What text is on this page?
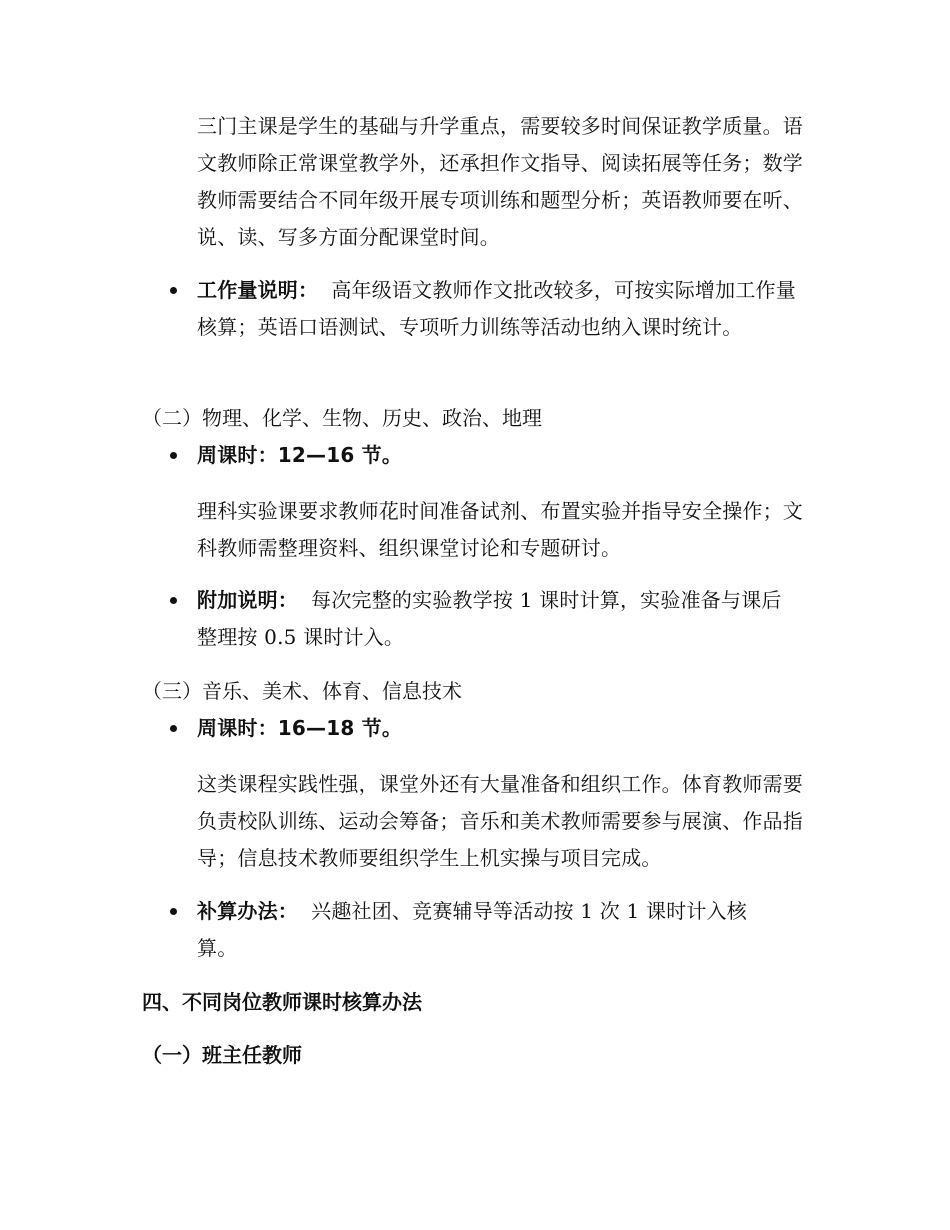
三门主课是学生的基础与升学重点，需要较多时间保证教学质量。语文教师除正常课堂教学外，还承担作文指导、阅读拓展等任务；数学教师需要结合不同年级开展专项训练和题型分析；英语教师要在听、说、读、写多方面分配课堂时间。

工作量说明： 高年级语文教师作文批改较多，可按实际增加工作量核算；英语口语测试、专项听力训练等活动也纳入课时统计。

（二）物理、化学、生物、历史、政治、地理

周课时：12—16 节。

理科实验课要求教师花时间准备试剂、布置实验并指导安全操作；文科教师需整理资料、组织课堂讨论和专题研讨。

附加说明： 每次完整的实验教学按 1 课时计算，实验准备与课后整理按 0.5 课时计入。

（三）音乐、美术、体育、信息技术

周课时：16—18 节。

这类课程实践性强，课堂外还有大量准备和组织工作。体育教师需要负责校队训练、运动会筹备；音乐和美术教师需要参与展演、作品指导；信息技术教师要组织学生上机实操与项目完成。

补算办法： 兴趣社团、竞赛辅导等活动按 1 次 1 课时计入核算。

四、不同岗位教师课时核算办法

（一）班主任教师
